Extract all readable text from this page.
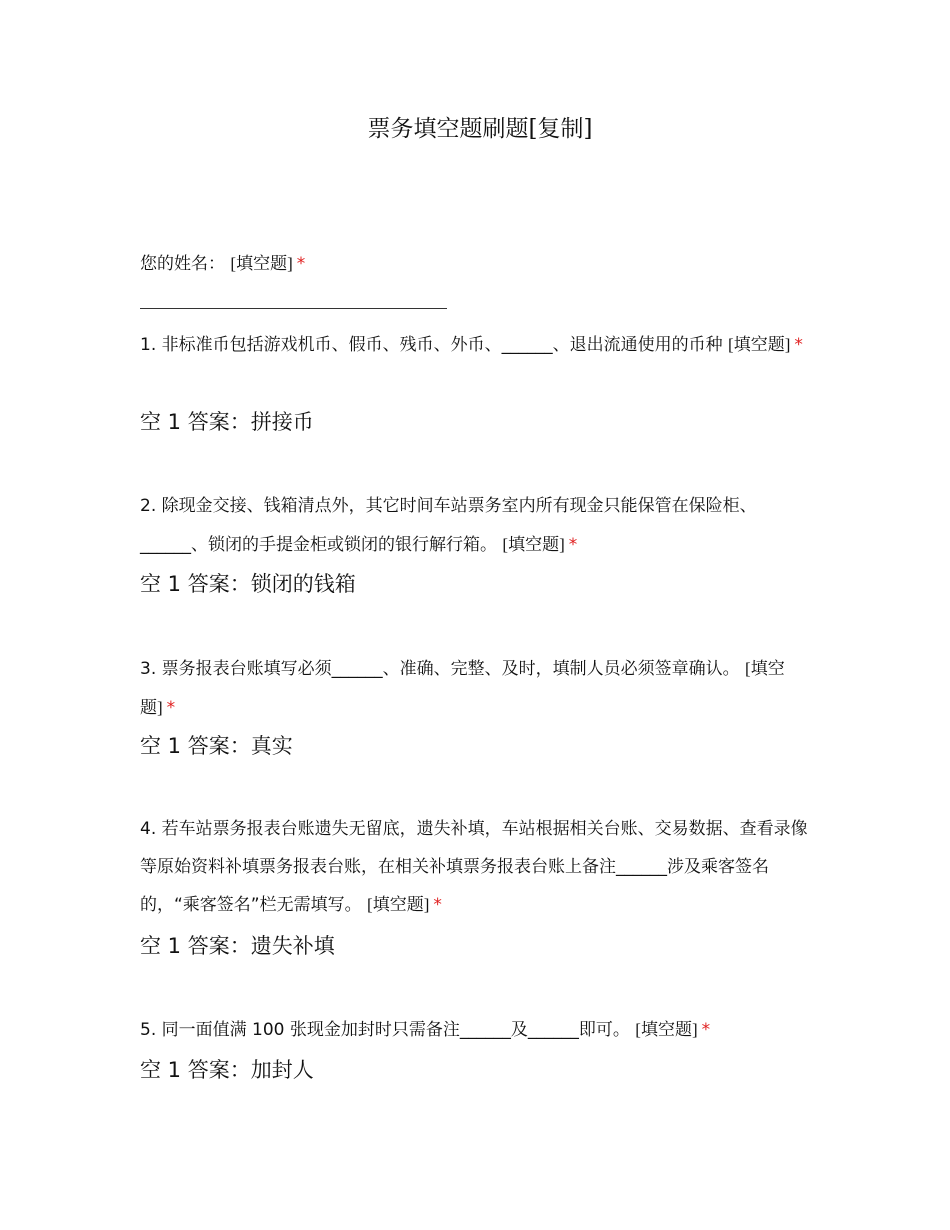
票务填空题刷题[复制]
您的姓名： [填空题] *
1. 非标准币包括游戏机币、假币、残币、外币、______、退出流通使用的币种 [填空题] *
空 1 答案：拼接币
2. 除现金交接、钱箱清点外，其它时间车站票务室内所有现金只能保管在保险柜、______、锁闭的手提金柜或锁闭的银行解行箱。 [填空题] *
空 1 答案：锁闭的钱箱
3. 票务报表台账填写必须______、准确、完整、及时，填制人员必须签章确认。 [填空题] *
空 1 答案：真实
4. 若车站票务报表台账遗失无留底，遗失补填，车站根据相关台账、交易数据、查看录像等原始资料补填票务报表台账，在相关补填票务报表台账上备注______涉及乘客签名的，“乘客签名”栏无需填写。 [填空题] *
空 1 答案：遗失补填
5. 同一面值满 100 张现金加封时只需备注______及______即可。 [填空题] *
空 1 答案：加封人
